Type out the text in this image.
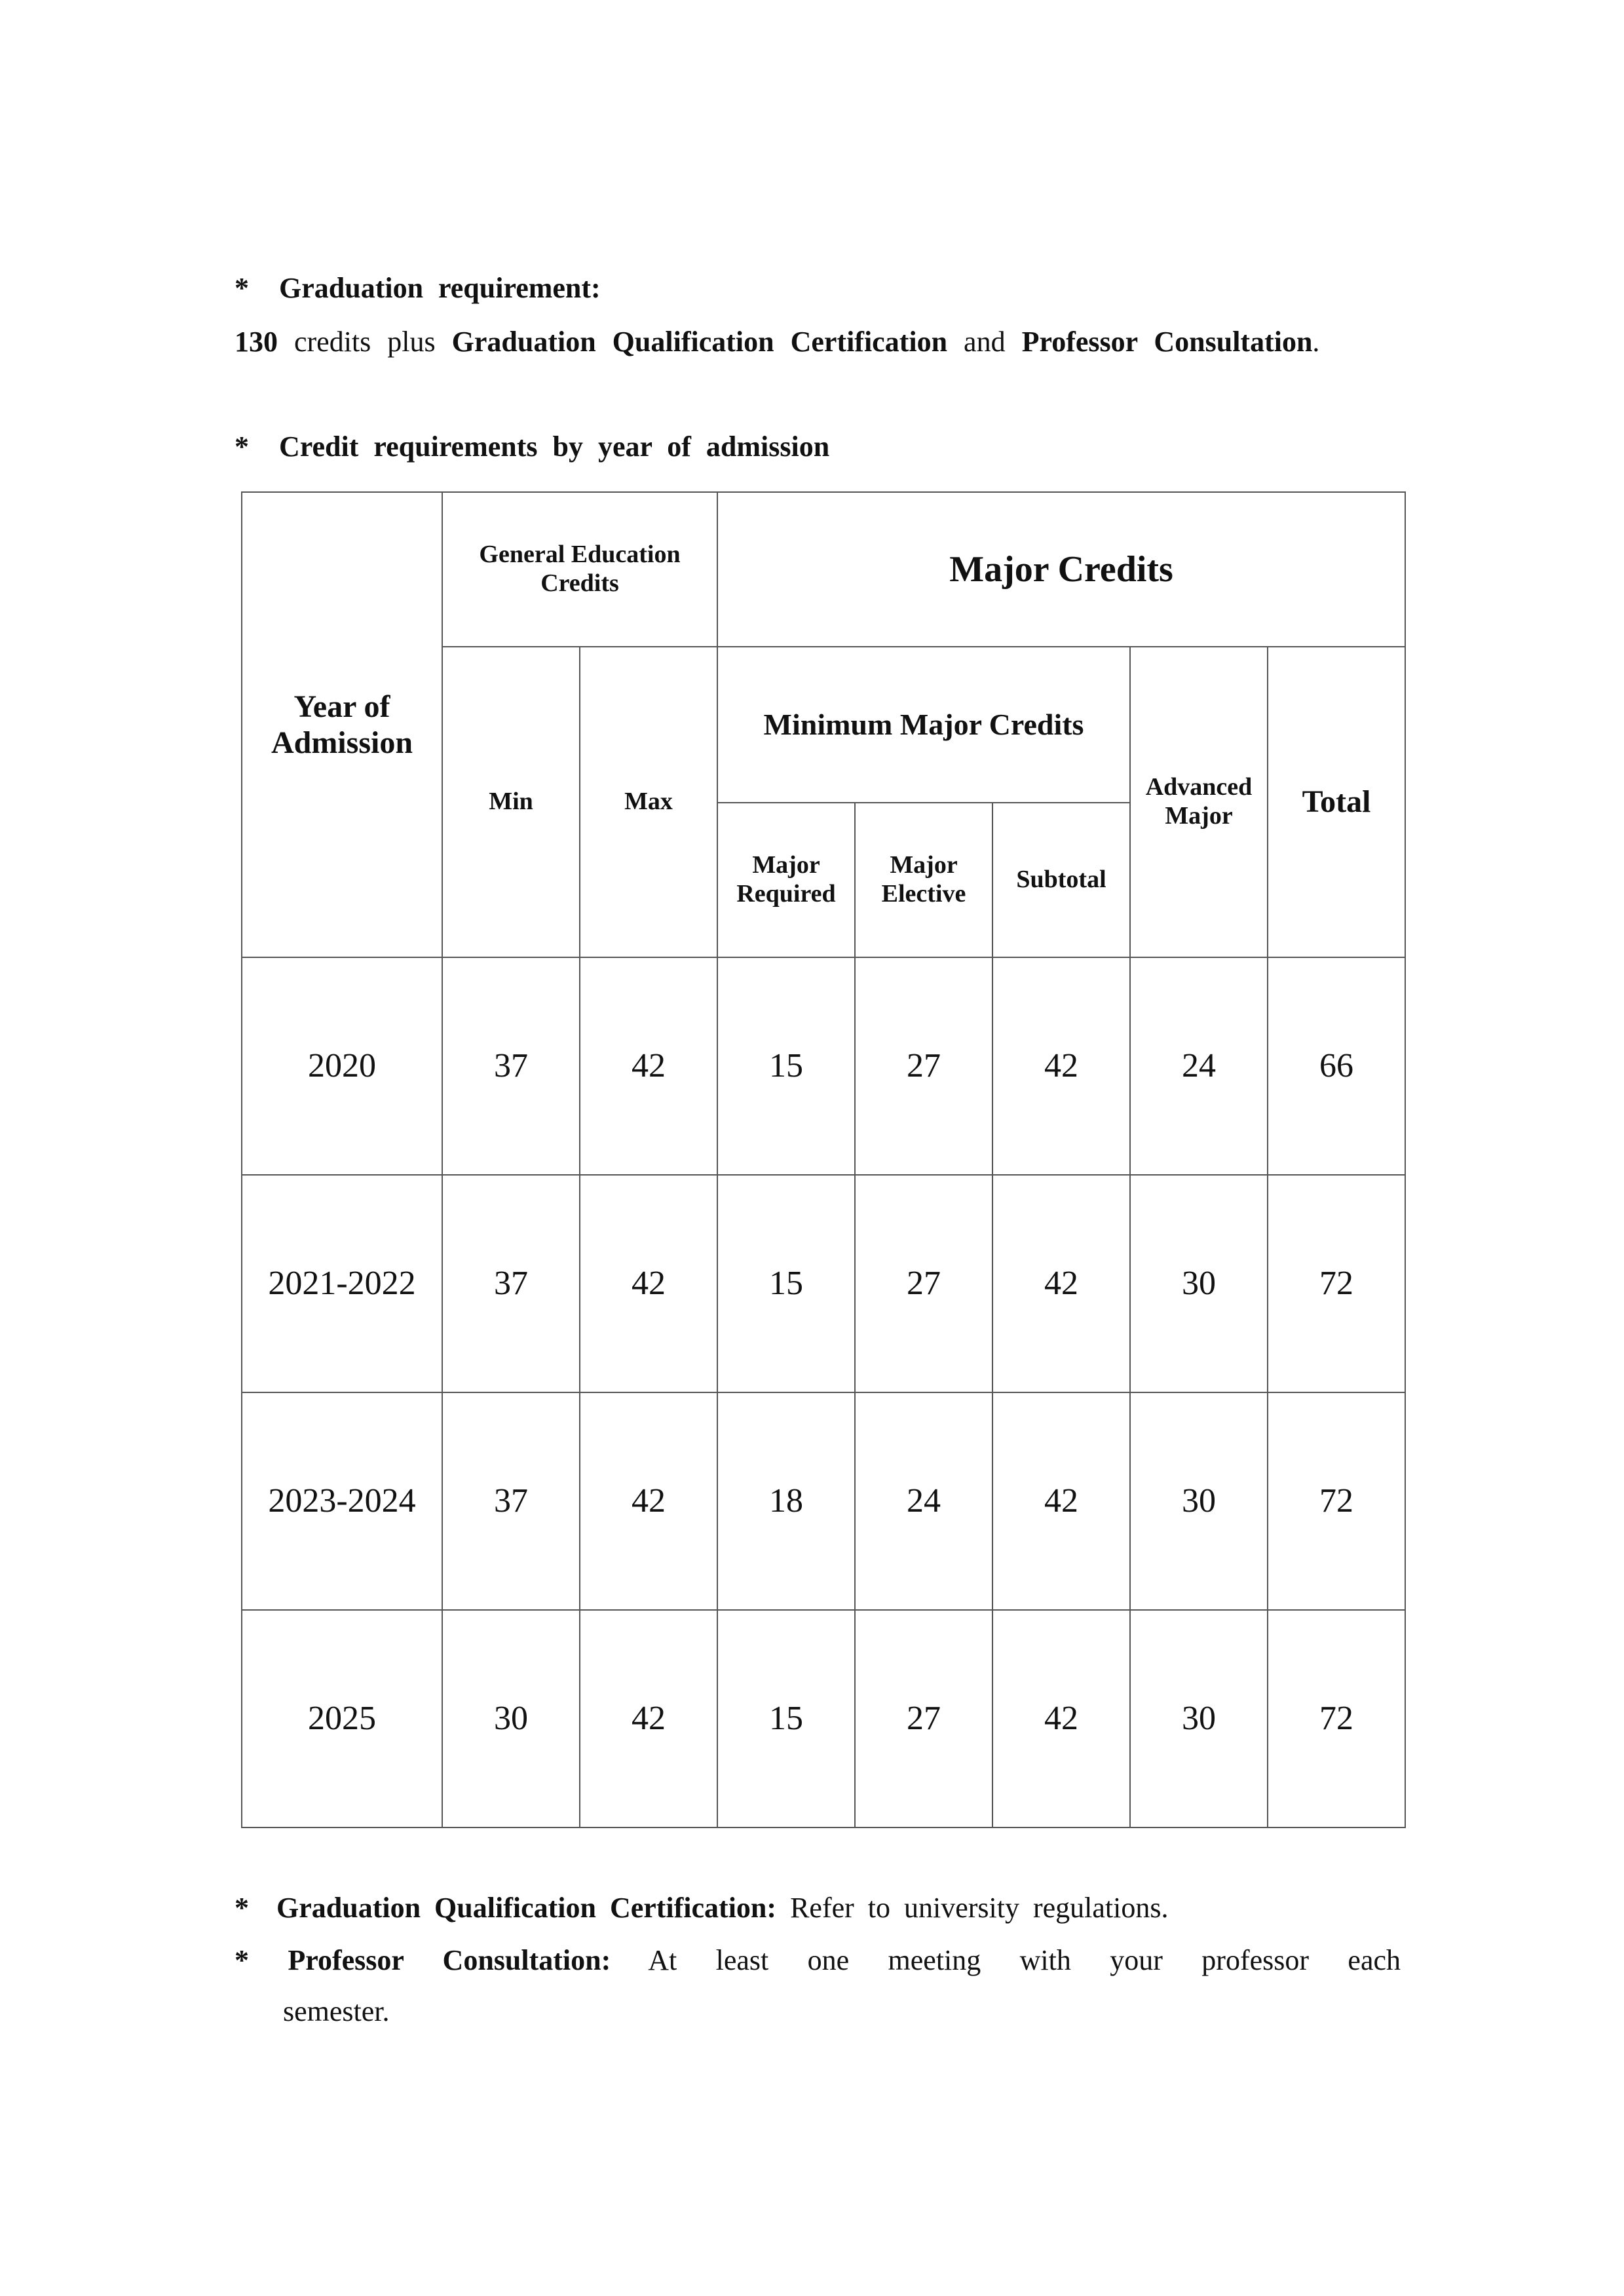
* Graduation requirement:
130 credits plus Graduation Qualification Certification and Professor Consultation.
* Credit requirements by year of admission
Year of Admission	General Education Credits		Major Credits				
	Min	Max	Minimum Major Credits			Advanced Major	Total
			Major Required	Major Elective	Subtotal		
2020	37	42	15	27	42	24	66
2021-2022	37	42	15	27	42	30	72
2023-2024	37	42	18	24	42	30	72
2025	30	42	15	27	42	30	72
* Graduation Qualification Certification: Refer to university regulations.
* Professor Consultation: At least one meeting with your professor each
semester.
